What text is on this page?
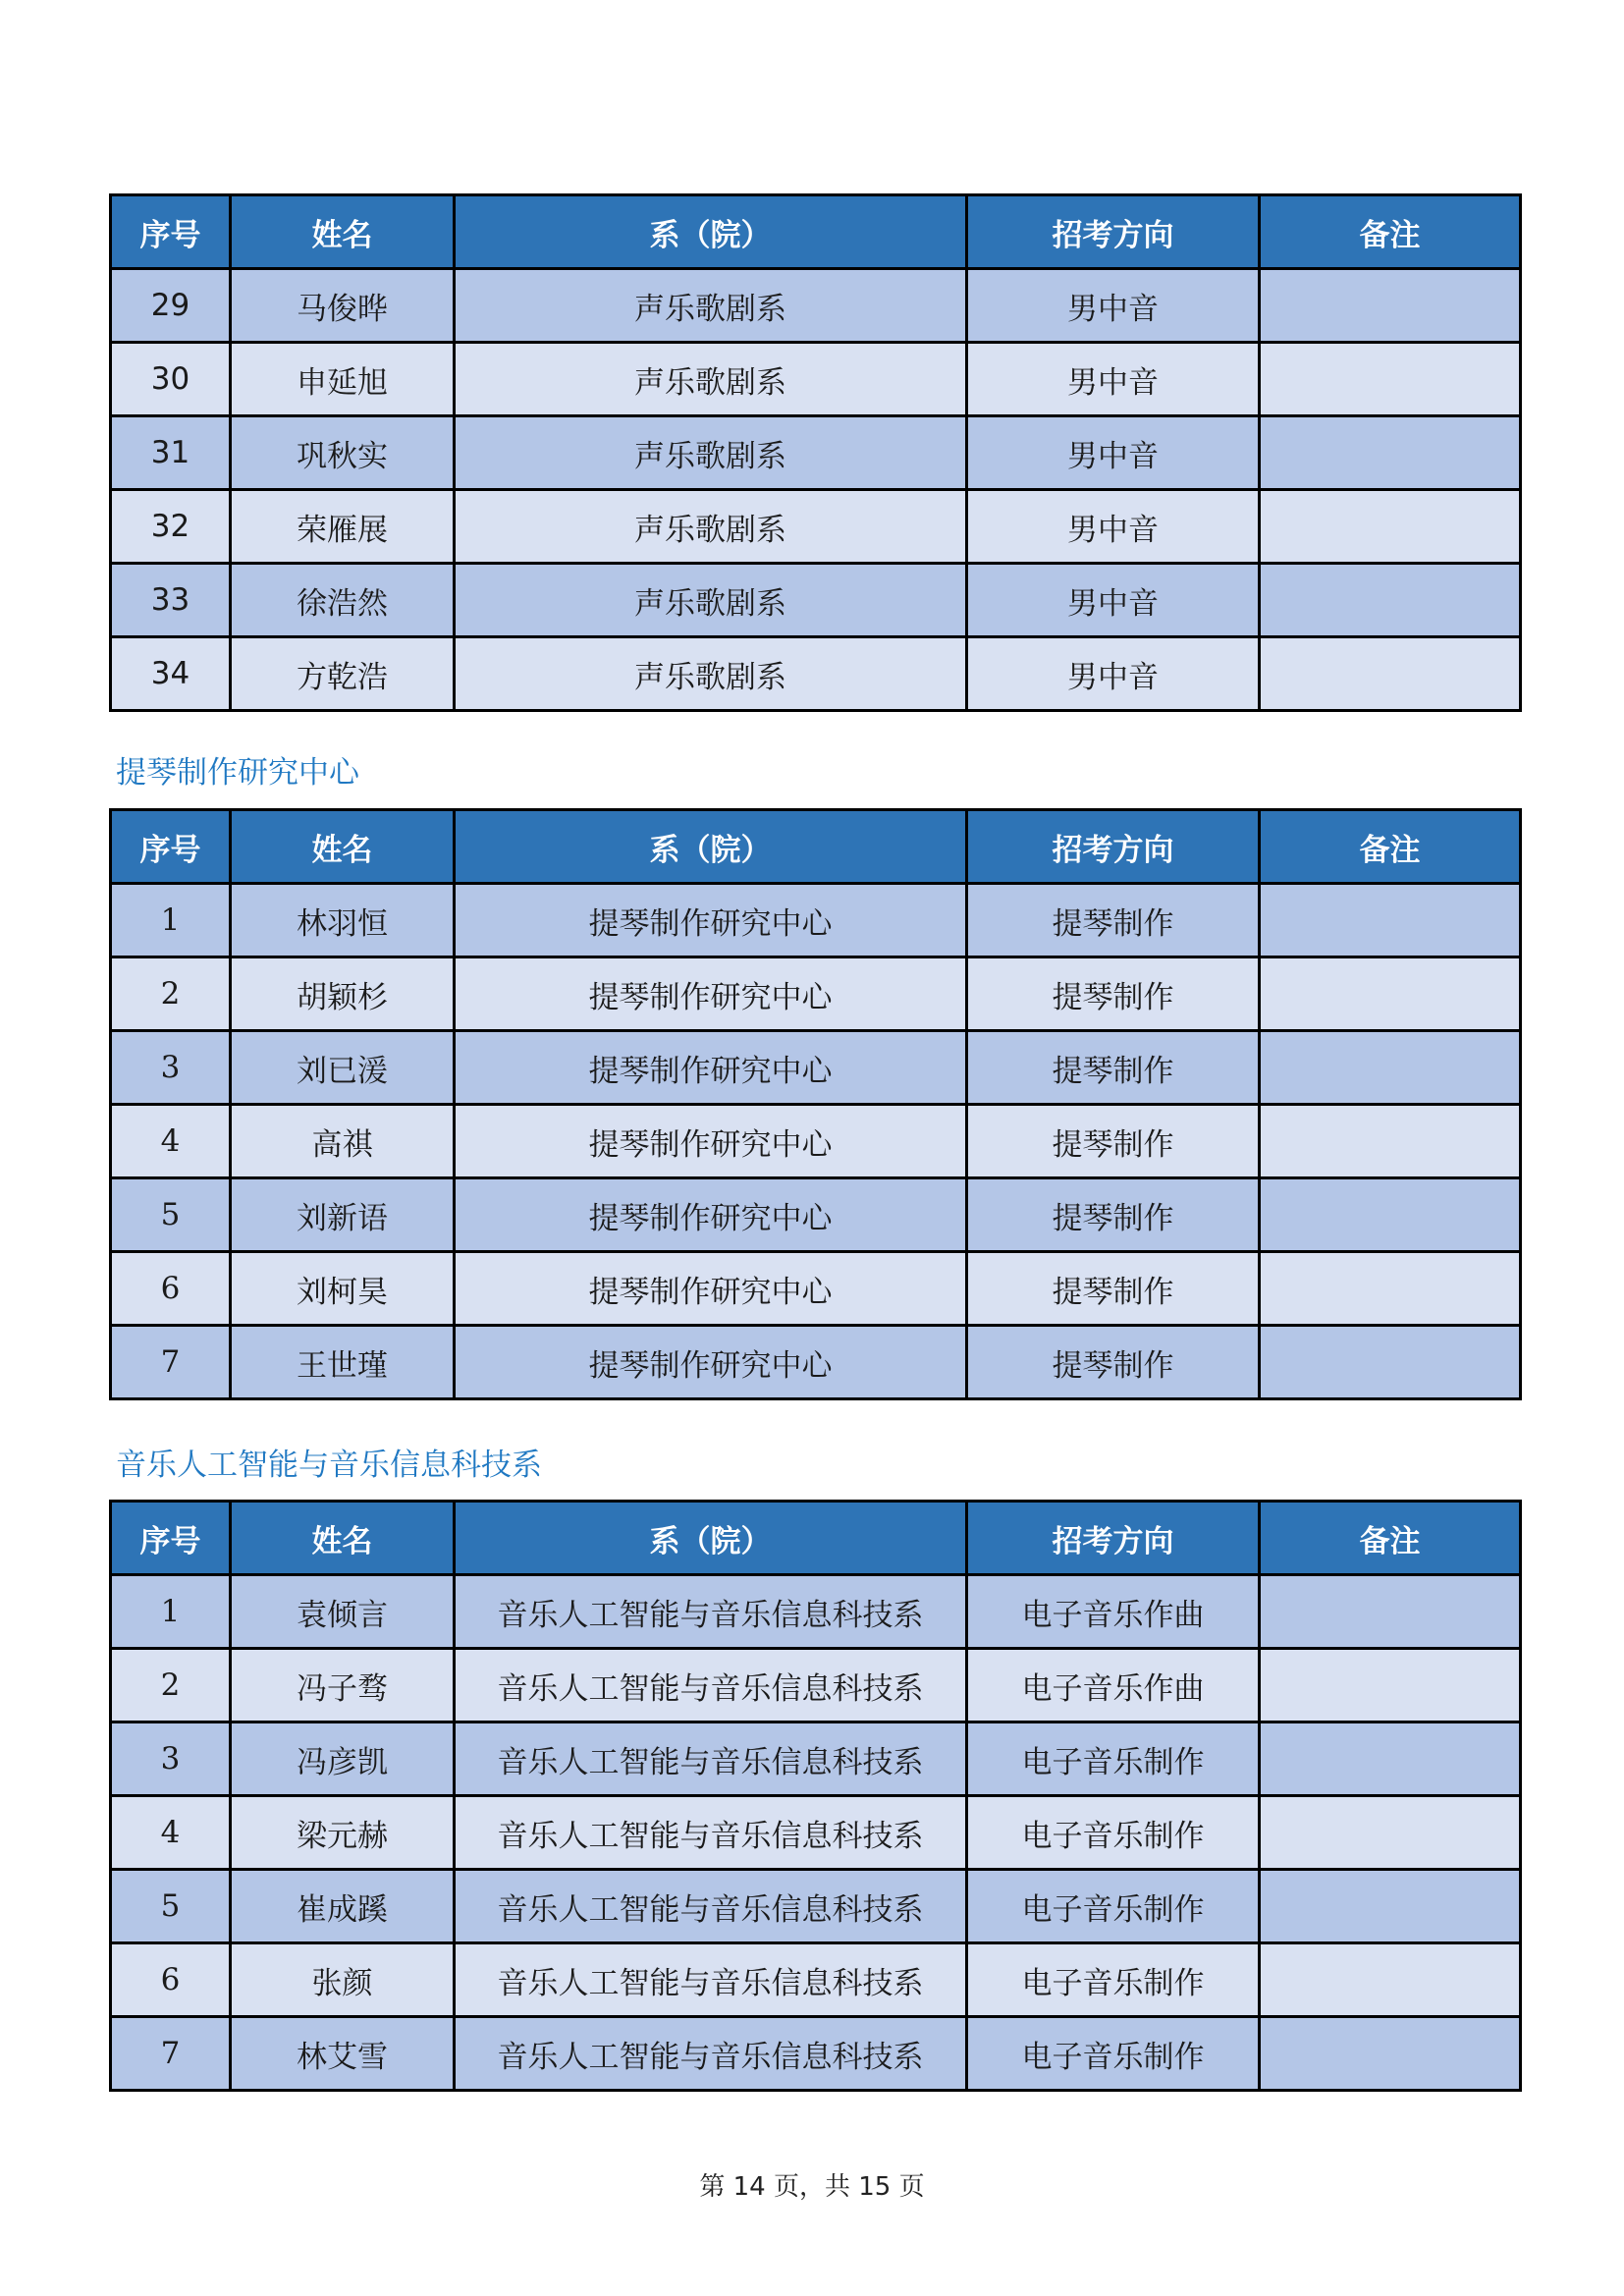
序号	姓名	系（院）	招考方向	备注
29	马俊晔	声乐歌剧系	男中音	
30	申延旭	声乐歌剧系	男中音	
31	巩秋实	声乐歌剧系	男中音	
32	荣雁展	声乐歌剧系	男中音	
33	徐浩然	声乐歌剧系	男中音	
34	方乾浩	声乐歌剧系	男中音	
提琴制作研究中心
序号	姓名	系（院）	招考方向	备注
1	林羽恒	提琴制作研究中心	提琴制作	
2	胡颖杉	提琴制作研究中心	提琴制作	
3	刘已湲	提琴制作研究中心	提琴制作	
4	高祺	提琴制作研究中心	提琴制作	
5	刘新语	提琴制作研究中心	提琴制作	
6	刘柯昊	提琴制作研究中心	提琴制作	
7	王世瑾	提琴制作研究中心	提琴制作	
音乐人工智能与音乐信息科技系
序号	姓名	系（院）	招考方向	备注
1	袁倾言	音乐人工智能与音乐信息科技系	电子音乐作曲	
2	冯子骛	音乐人工智能与音乐信息科技系	电子音乐作曲	
3	冯彦凯	音乐人工智能与音乐信息科技系	电子音乐制作	
4	梁元赫	音乐人工智能与音乐信息科技系	电子音乐制作	
5	崔成蹊	音乐人工智能与音乐信息科技系	电子音乐制作	
6	张颜	音乐人工智能与音乐信息科技系	电子音乐制作	
7	林艾雪	音乐人工智能与音乐信息科技系	电子音乐制作	
第 14 页，共 15 页
